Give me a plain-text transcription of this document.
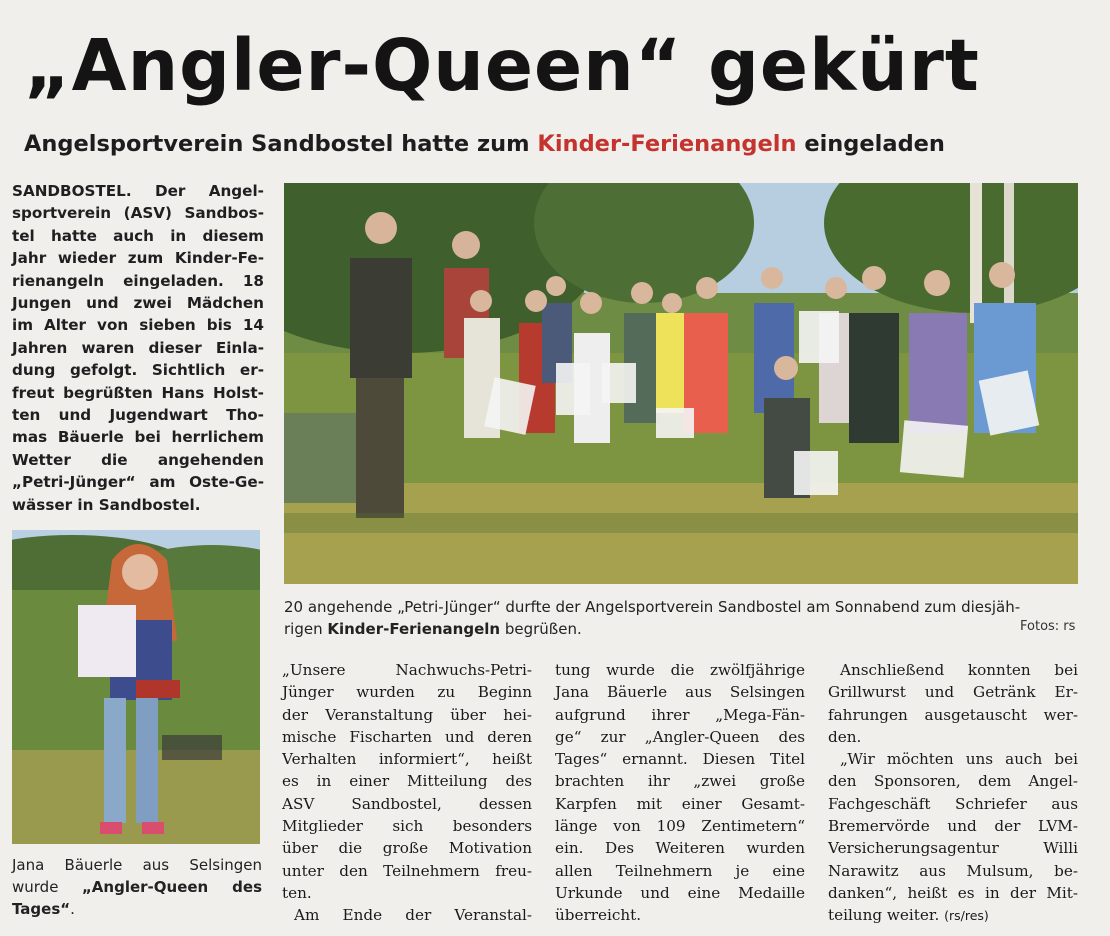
„Angler-Queen“ gekürt
Angelsportverein Sandbostel hatte zum Kinder-Ferienangeln eingeladen
SANDBOSTEL. Der Angel-
sportverein (ASV) Sandbos-
tel hatte auch in diesem
Jahr wieder zum Kinder-Fe-
rienangeln eingeladen. 18
Jungen und zwei Mädchen
im Alter von sieben bis 14
Jahren waren dieser Einla-
dung gefolgt. Sichtlich er-
freut begrüßten Hans Holst-
ten und Jugendwart Tho-
mas Bäuerle bei herrlichem
Wetter die angehenden
„Petri-Jünger“ am Oste-Ge-
wässer in Sandbostel.
20 angehende „Petri-Jünger“ durfte der Angelsportverein Sandbostel am Sonnabend zum diesjäh-
rigen Kinder-Ferienangeln begrüßen.	Fotos: rs
Jana Bäuerle aus Selsingen
wurde „Angler-Queen des
Tages“.
„Unsere Nachwuchs-Petri-
Jünger wurden zu Beginn
der Veranstaltung über hei-
mische Fischarten und deren
Verhalten informiert“, heißt
es in einer Mitteilung des
ASV Sandbostel, dessen
Mitglieder sich besonders
über die große Motivation
unter den Teilnehmern freu-
ten.
Am Ende der Veranstal-
tung wurde die zwölfjährige
Jana Bäuerle aus Selsingen
aufgrund ihrer „Mega-Fän-
ge“ zur „Angler-Queen des
Tages“ ernannt. Diesen Titel
brachten ihr „zwei große
Karpfen mit einer Gesamt-
länge von 109 Zentimetern“
ein. Des Weiteren wurden
allen Teilnehmern je eine
Urkunde und eine Medaille
überreicht.
Anschließend konnten bei
Grillwurst und Getränk Er-
fahrungen ausgetauscht wer-
den.
„Wir möchten uns auch bei
den Sponsoren, dem Angel-
Fachgeschäft Schriefer aus
Bremervörde und der LVM-
Versicherungsagentur Willi
Narawitz aus Mulsum, be-
danken“, heißt es in der Mit-
teilung weiter. (rs/res)
